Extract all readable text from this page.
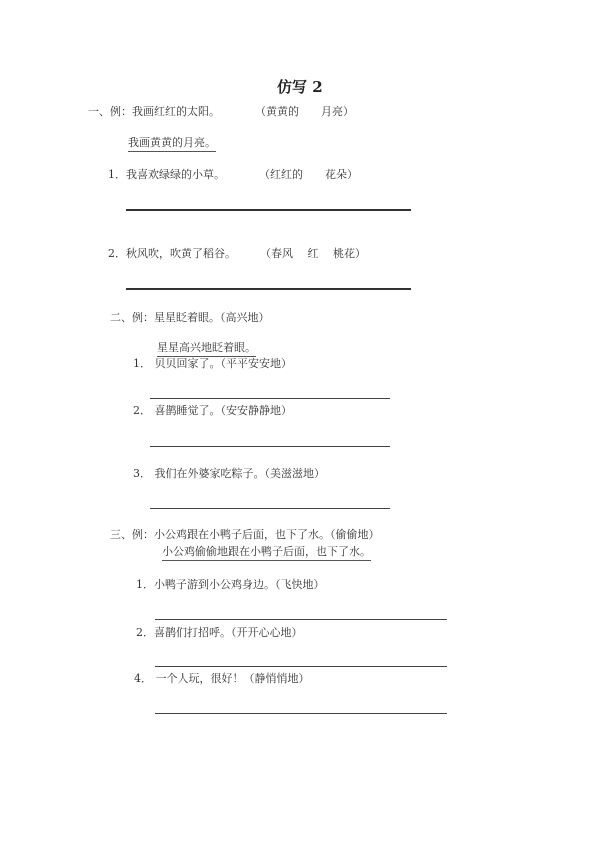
仿写 2
一、例：我画红红的太阳。	（黄黄的　　月亮）
我画黄黄的月亮。
1．我喜欢绿绿的小草。	（红红的　　花朵）
2．秋风吹，吹黄了稻谷。 （春风　 红　 桃花）
二、例：星星眨着眼。（高兴地）
星星高兴地眨着眼。
1． 贝贝回家了。（平平安安地）
2． 喜鹊睡觉了。（安安静静地）
3． 我们在外婆家吃粽子。（美滋滋地）
三、例：小公鸡跟在小鸭子后面，也下了水。（偷偷地）
小公鸡偷偷地跟在小鸭子后面，也下了水。
1．小鸭子游到小公鸡身边。（飞快地）
2．喜鹊们打招呼。（开开心心地）
4． 一个人玩，很好！（静悄悄地）
